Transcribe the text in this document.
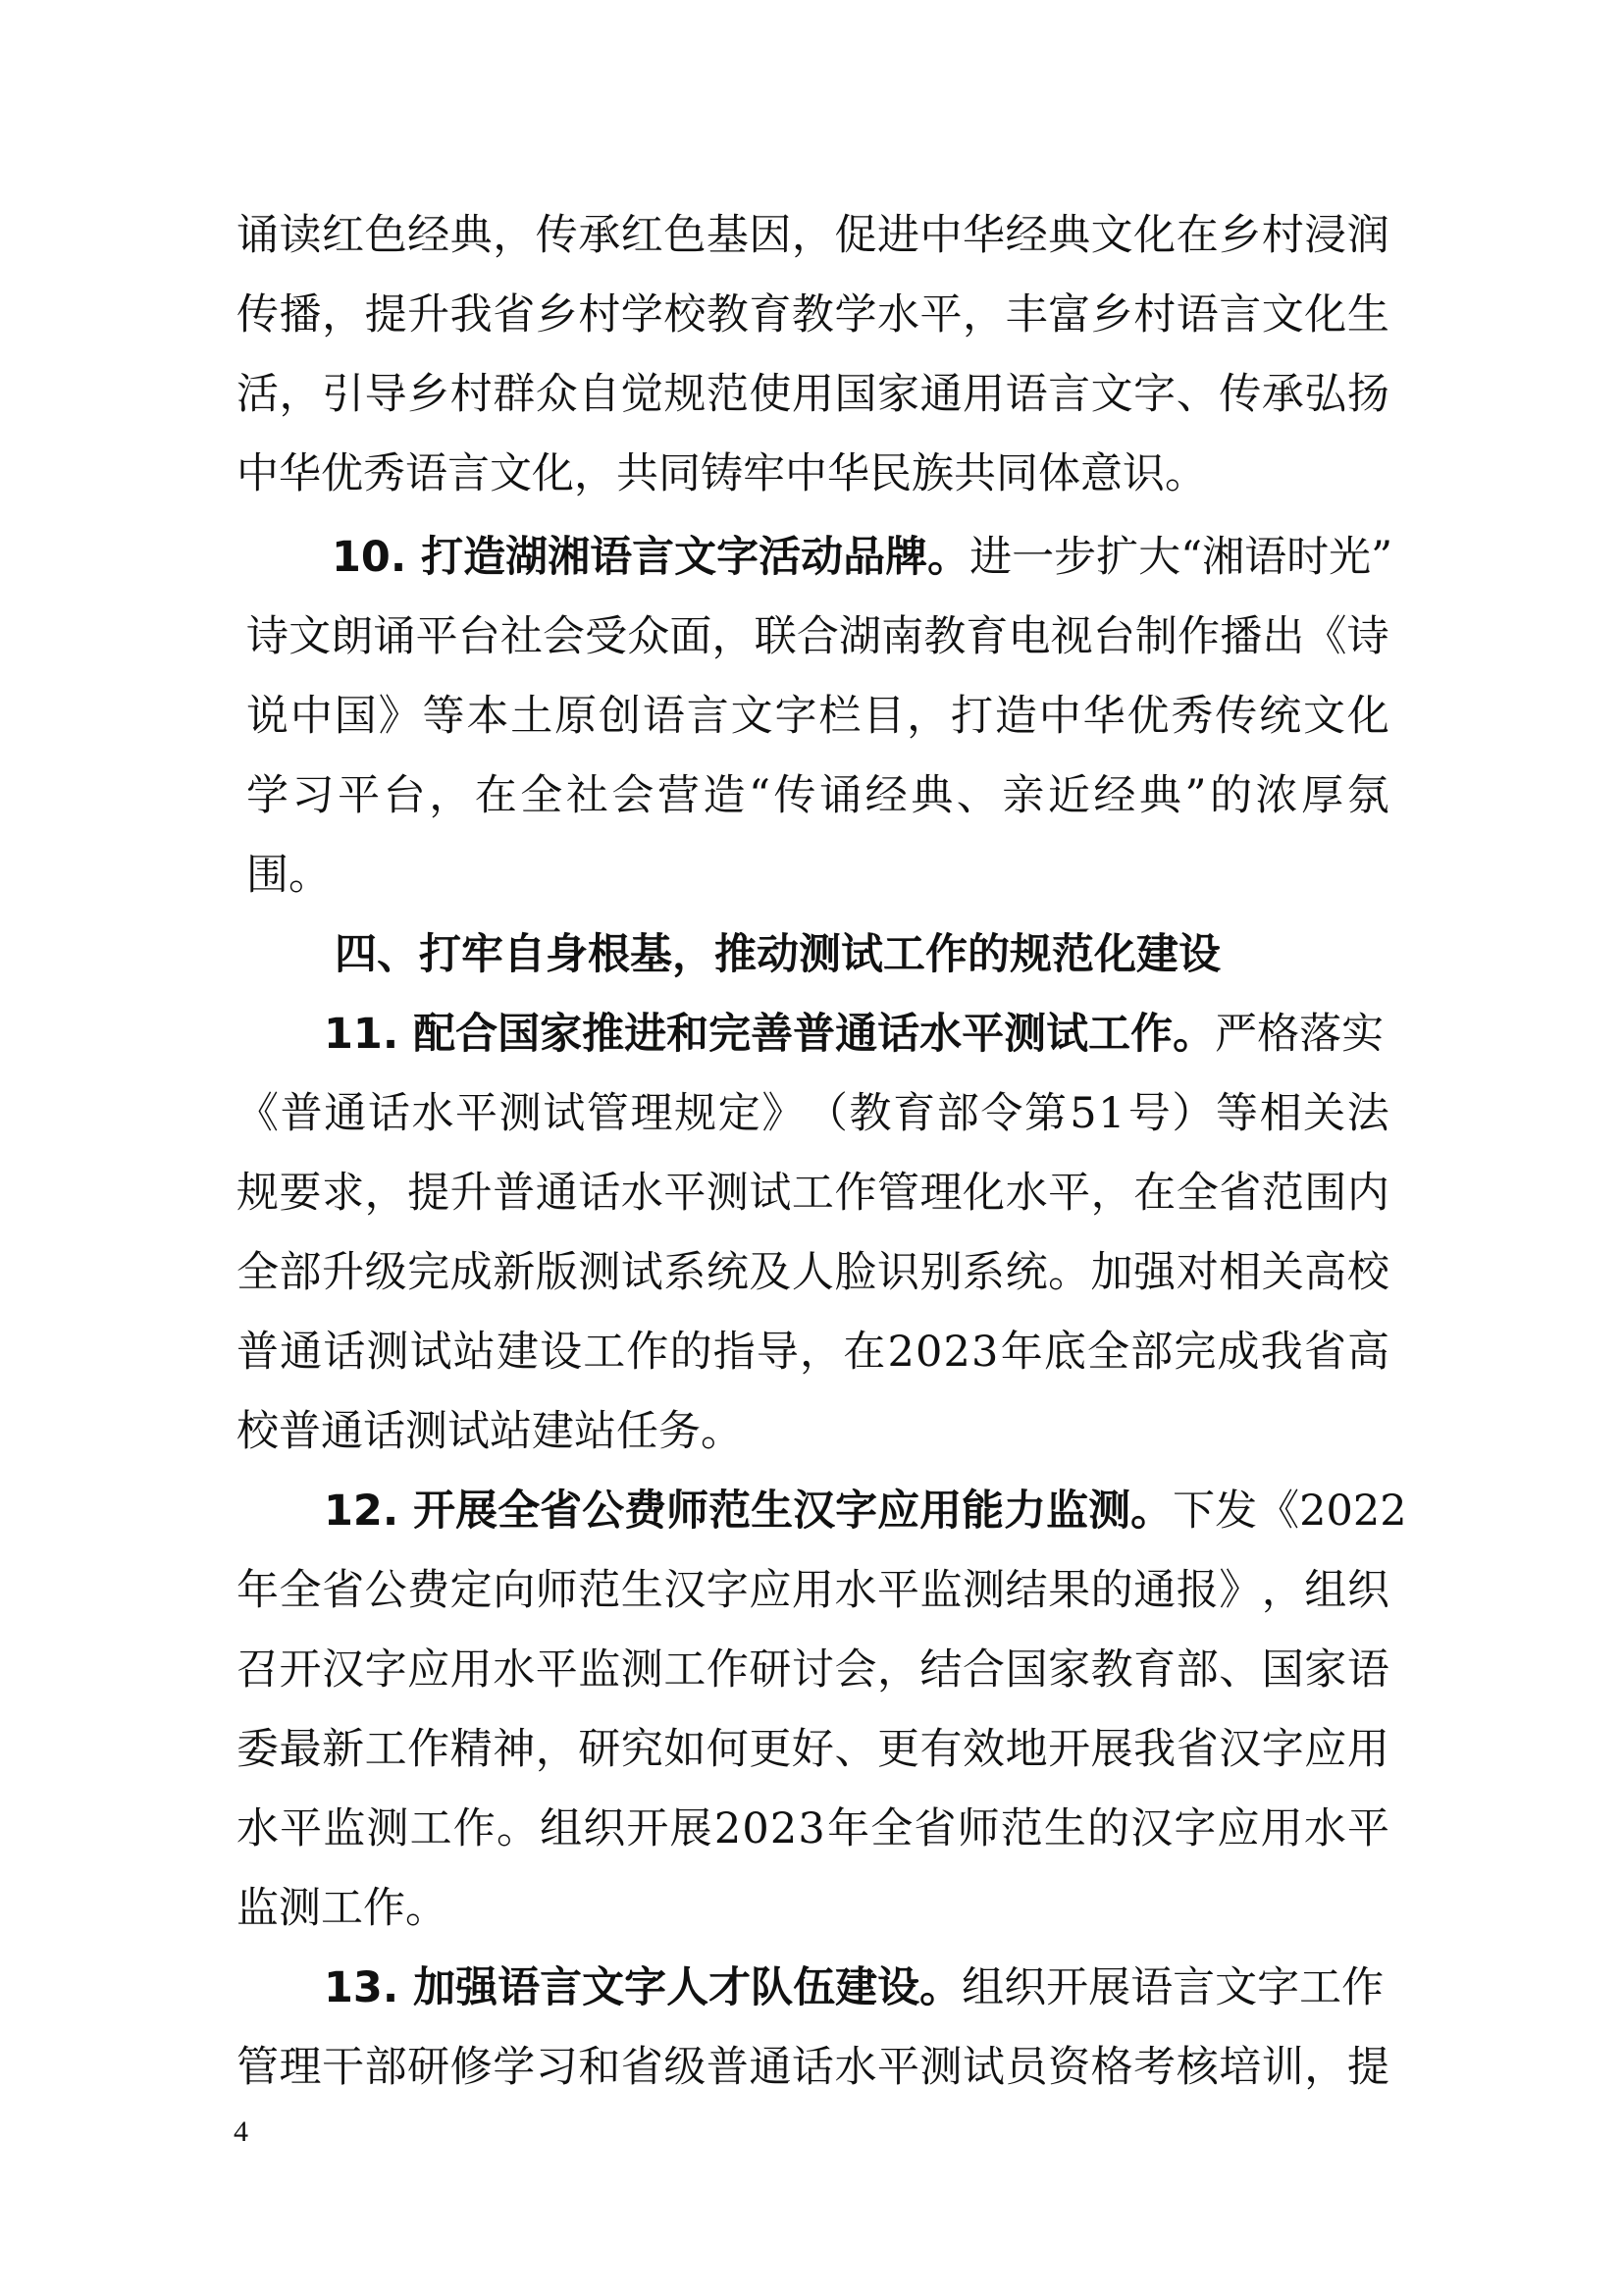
诵 读 红 色 经 典 ， 传 承 红 色 基 因 ， 促 进 中 华 经 典 文 化 在 乡 村 浸 润
传 播 ， 提 升 我 省 乡 村 学 校 教 育 教 学 水 平 ， 丰 富 乡 村 语 言 文 化 生
活 ， 引 导 乡 村 群 众 自 觉 规 范 使 用 国 家 通 用 语 言 文 字 、 传 承 弘 扬
中华优秀语言文化，共同铸牢中华民族共同体意识。
10. 打造湖湘语言文字活动品牌。进一步扩大“湘语时光”
诗 文 朗 诵 平 台 社 会 受 众 面 ， 联 合 湖 南 教 育 电 视 台 制 作 播 出 《 诗
说 中 国 》 等 本 土 原 创 语 言 文 字 栏 目 ， 打 造 中 华 优 秀 传 统 文 化
学 习 平 台 ， 在 全 社 会 营 造 “ 传 诵 经 典 、 亲 近 经 典 ” 的 浓 厚 氛
围。
四、打牢自身根基，推动测试工作的规范化建设
11. 配合国家推进和完善普通话水平测试工作。严格落实
《 普 通 话 水 平 测 试 管 理 规 定 》 （ 教 育 部 令 第 5 1 号 ） 等 相 关 法
规 要 求 ， 提 升 普 通 话 水 平 测 试 工 作 管 理 化 水 平 ， 在 全 省 范 围 内
全 部 升 级 完 成 新 版 测 试 系 统 及 人 脸 识 别 系 统 。 加 强 对 相 关 高 校
普 通 话 测 试 站 建 设 工 作 的 指 导 ， 在 2 0 2 3 年 底 全 部 完 成 我 省 高
校普通话测试站建站任务。
12. 开展全省公费师范生汉字应用能力监测。下发《2022
年 全 省 公 费 定 向 师 范 生 汉 字 应 用 水 平 监 测 结 果 的 通 报 》 ， 组 织
召 开 汉 字 应 用 水 平 监 测 工 作 研 讨 会 ， 结 合 国 家 教 育 部 、 国 家 语
委 最 新 工 作 精 神 ， 研 究 如 何 更 好 、 更 有 效 地 开 展 我 省 汉 字 应 用
水 平 监 测 工 作 。 组 织 开 展 2 0 2 3 年 全 省 师 范 生 的 汉 字 应 用 水 平
监测工作。
13. 加强语言文字人才队伍建设。组织开展语言文字工作
管 理 干 部 研 修 学 习 和 省 级 普 通 话 水 平 测 试 员 资 格 考 核 培 训 ， 提
4
